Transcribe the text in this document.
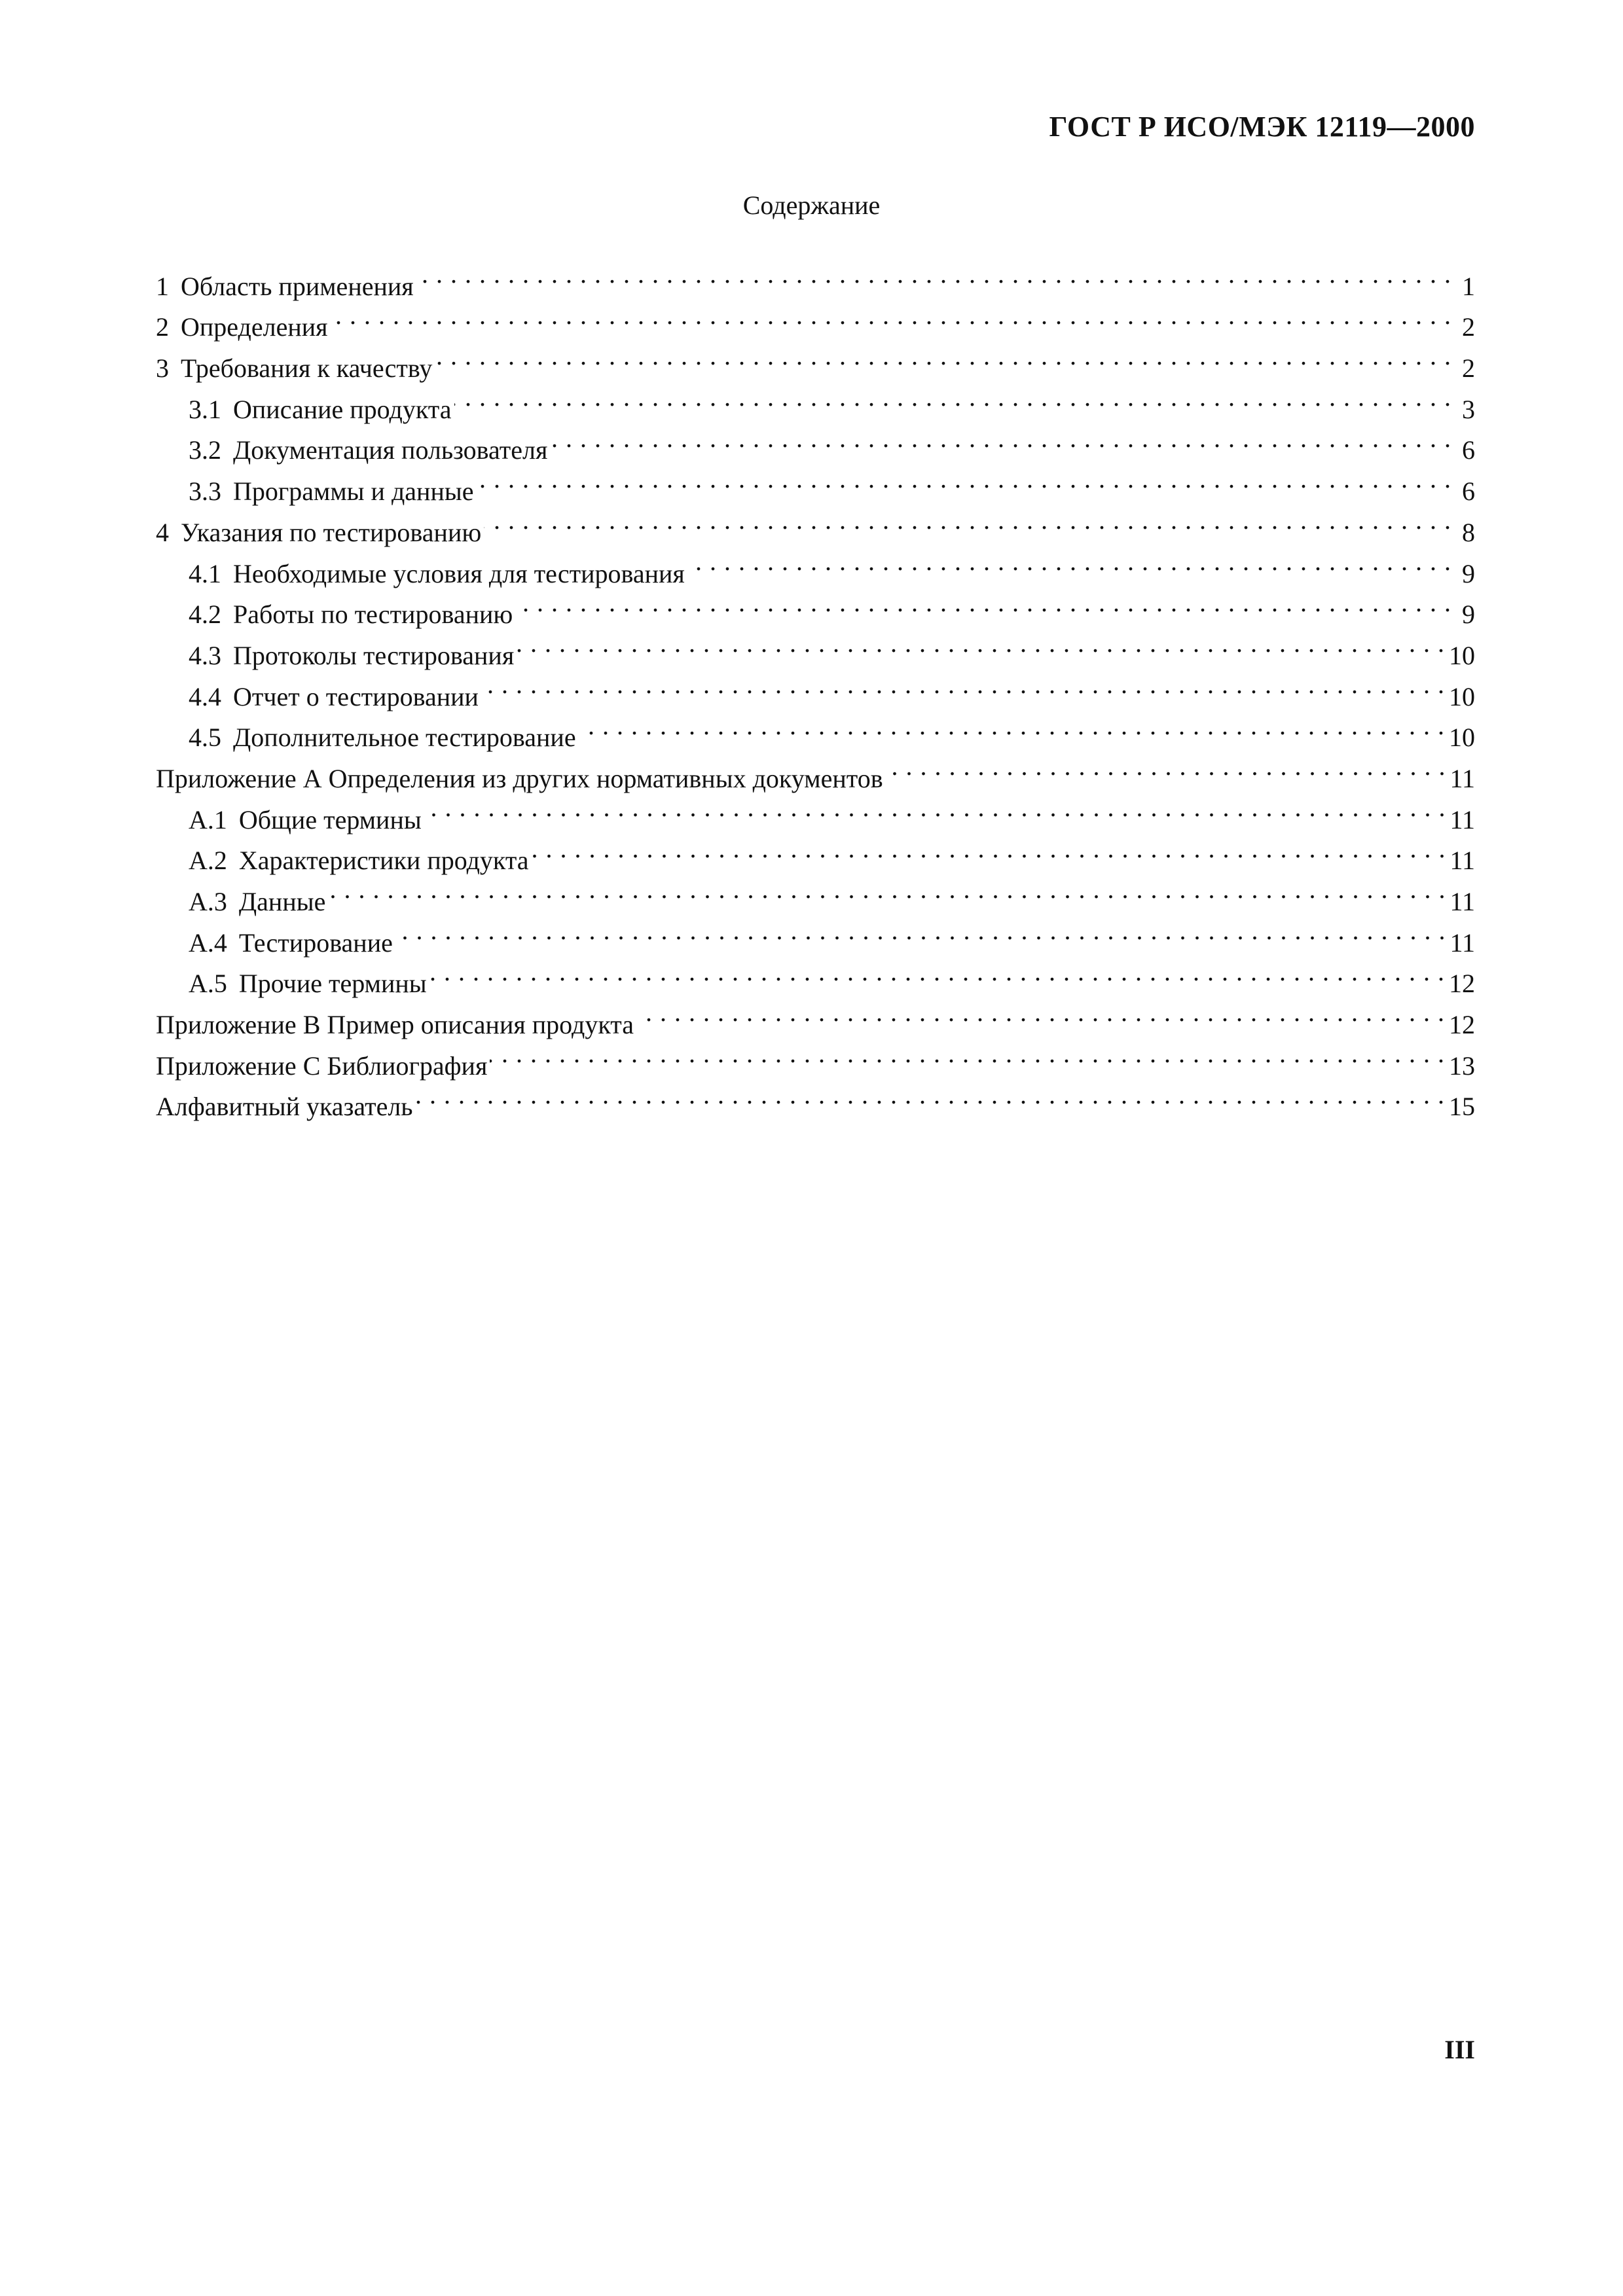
ГОСТ Р ИСО/МЭК 12119—2000
Содержание
1 Область применения . . .	1
2 Определения . . .	2
3 Требования к качеству . . .	2
3.1 Описание продукта . . .	3
3.2 Документация пользователя . . .	6
3.3 Программы и данные . . .	6
4 Указания по тестированию . . .	8
4.1 Необходимые условия для тестирования . . .	9
4.2 Работы по тестированию . . .	9
4.3 Протоколы тестирования . . .	10
4.4 Отчет о тестировании . . .	10
4.5 Дополнительное тестирование . . .	10
Приложение А Определения из других нормативных документов . . .	11
А.1 Общие термины . . .	11
А.2 Характеристики продукта . . .	11
А.3 Данные . . .	11
А.4 Тестирование . . .	11
А.5 Прочие термины . . .	12
Приложение В Пример описания продукта . . .	12
Приложение С Библиография . . .	13
Алфавитный указатель . . .	15
III
